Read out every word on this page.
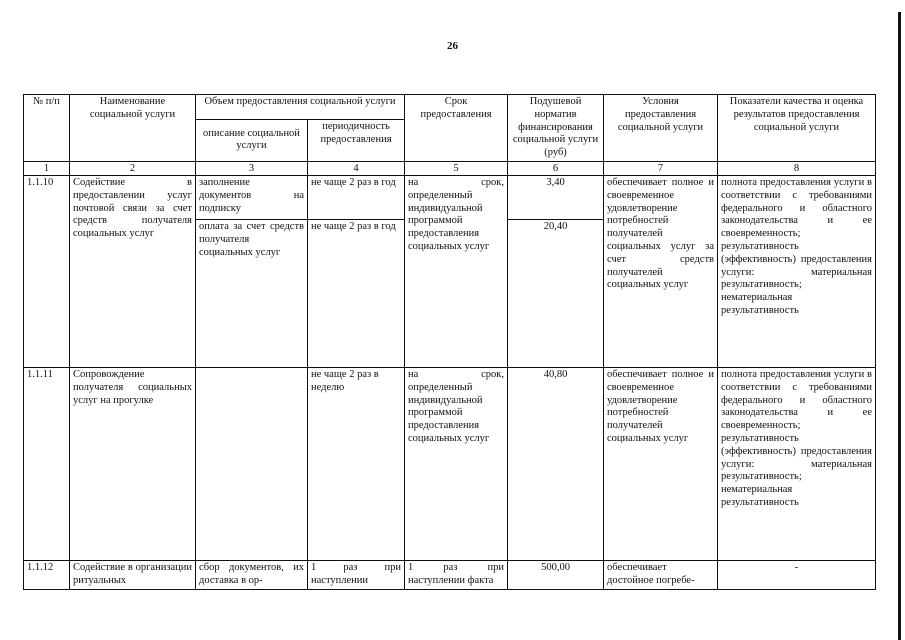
26
№ п/п	Наименование социальной услуги	Объем предоставления социальной услуги		Срок предоставления	Подушевой норматив финансирования социальной услуги (руб)	Условия предоставления социальной услуги	Показатели качества и оценка результатов предоставления социальной услуги
		описание социальной услуги	периодичность предоставления				
1	2	3	4	5	6	7	8
1.1.10	Содействие в предоставлении услуг почтовой связи за счет средств получателя социальных услуг	заполнение документов на подписку	не чаще 2 раз в год	на срок, определенный индивидуальной программой предоставления социальных услуг	3,40	обеспечивает полное и своевременное удовлетворение потребностей получателей социальных услуг за счет средств получателей социальных услуг	полнота предоставления услуги в соответствии с требованиями федерального и областного законодательства и ее своевременность; результативность (эффективность) предоставления услуги: материальная результативность; нематериальная результативность
		оплата за счет средств получателя социальных услуг	не чаще 2 раз в год		20,40		
1.1.11	Сопровождение получателя социальных услуг на прогулке		не чаще 2 раз в неделю	на срок, определенный индивидуальной программой предоставления социальных услуг	40,80	обеспечивает полное и своевременное удовлетворение потребностей получателей социальных услуг	полнота предоставления услуги в соответствии с требованиями федерального и областного законодательства и ее своевременность; результативность (эффективность) предоставления услуги: материальная результативность; нематериальная результативность
1.1.12	Содействие в организации ритуальных	сбор документов, их доставка в ор-	1 раз при наступлении	1 раз при наступлении факта	500,00	обеспечивает достойное погребе-	-
